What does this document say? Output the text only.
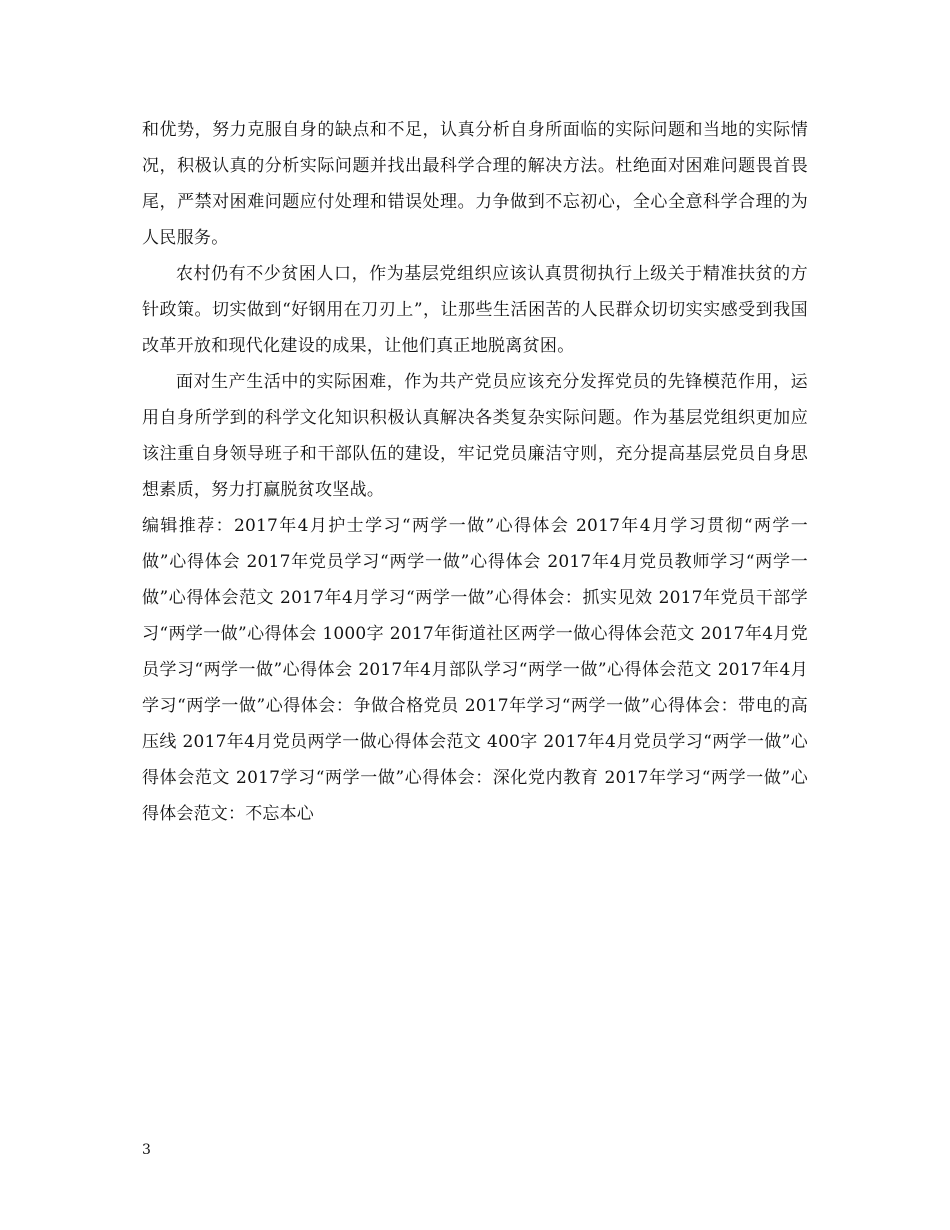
和优势，努力克服自身的缺点和不足，认真分析自身所面临的实际问题和当地的实际情况，积极认真的分析实际问题并找出最科学合理的解决方法。杜绝面对困难问题畏首畏尾，严禁对困难问题应付处理和错误处理。力争做到不忘初心，全心全意科学合理的为人民服务。

农村仍有不少贫困人口，作为基层党组织应该认真贯彻执行上级关于精准扶贫的方针政策。切实做到“好钢用在刀刃上”，让那些生活困苦的人民群众切切实实感受到我国改革开放和现代化建设的成果，让他们真正地脱离贫困。

面对生产生活中的实际困难，作为共产党员应该充分发挥党员的先锋模范作用，运用自身所学到的科学文化知识积极认真解决各类复杂实际问题。作为基层党组织更加应该注重自身领导班子和干部队伍的建设，牢记党员廉洁守则，充分提高基层党员自身思想素质，努力打赢脱贫攻坚战。

编辑推荐：2017年4月护士学习“两学一做”心得体会 2017年4月学习贯彻“两学一做”心得体会 2017年党员学习“两学一做”心得体会 2017年4月党员教师学习“两学一做”心得体会范文 2017年4月学习“两学一做”心得体会：抓实见效 2017年党员干部学习“两学一做”心得体会 1000字 2017年街道社区两学一做心得体会范文 2017年4月党员学习“两学一做”心得体会 2017年4月部队学习“两学一做”心得体会范文 2017年4月学习“两学一做”心得体会：争做合格党员 2017年学习“两学一做”心得体会：带电的高压线 2017年4月党员两学一做心得体会范文 400字 2017年4月党员学习“两学一做”心得体会范文 2017学习“两学一做”心得体会：深化党内教育 2017年学习“两学一做”心得体会范文：不忘本心

3
